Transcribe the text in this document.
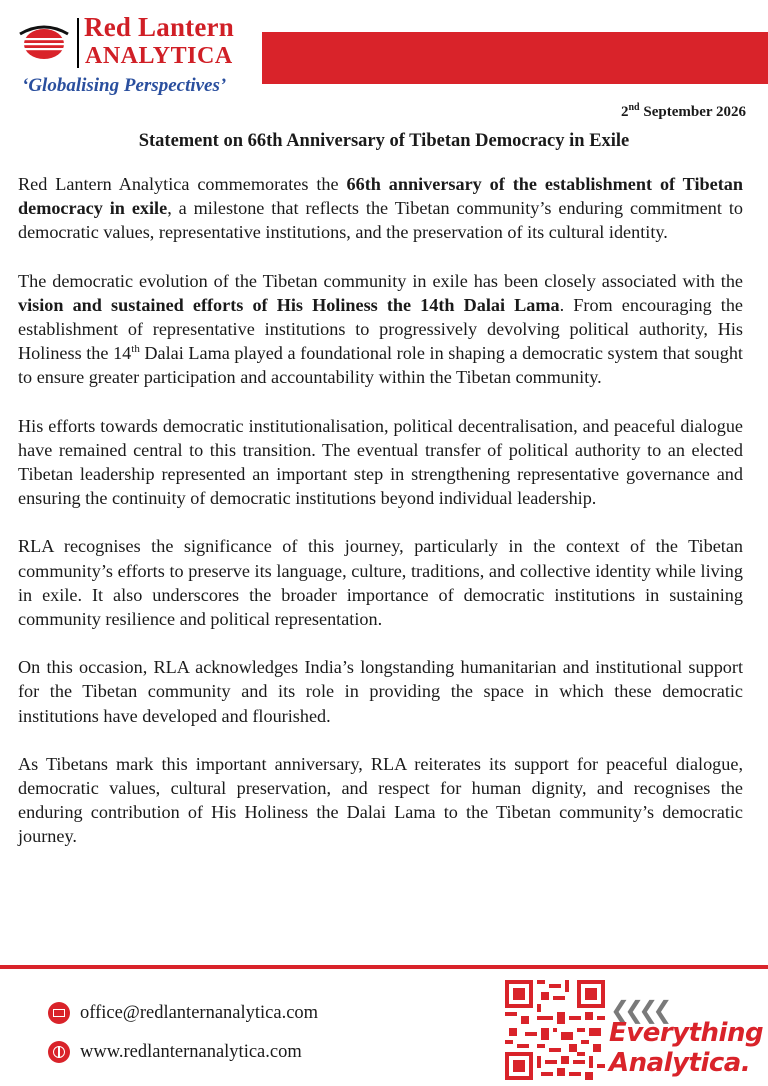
Red Lantern
ANALYTICA
‘Globalising Perspectives’
2nd September 2026
Statement on 66th Anniversary of Tibetan Democracy in Exile

Red Lantern Analytica commemorates the 66th anniversary of the establishment of Tibetan democracy in exile, a milestone that reflects the Tibetan community’s enduring commitment to democratic values, representative institutions, and the preservation of its cultural identity.

The democratic evolution of the Tibetan community in exile has been closely associated with the vision and sustained efforts of His Holiness the 14th Dalai Lama. From encouraging the establishment of representative institutions to progressively devolving political authority, His Holiness the 14th Dalai Lama played a foundational role in shaping a democratic system that sought to ensure greater participation and accountability within the Tibetan community.

His efforts towards democratic institutionalisation, political decentralisation, and peaceful dialogue have remained central to this transition. The eventual transfer of political authority to an elected Tibetan leadership represented an important step in strengthening representative governance and ensuring the continuity of democratic institutions beyond individual leadership.

RLA recognises the significance of this journey, particularly in the context of the Tibetan community’s efforts to preserve its language, culture, traditions, and collective identity while living in exile. It also underscores the broader importance of democratic institutions in sustaining community resilience and political representation.

On this occasion, RLA acknowledges India’s longstanding humanitarian and institutional support for the Tibetan community and its role in providing the space in which these democratic institutions have developed and flourished.

As Tibetans mark this important anniversary, RLA reiterates its support for peaceful dialogue, democratic values, cultural preservation, and respect for human dignity, and recognises the enduring contribution of His Holiness the Dalai Lama to the Tibetan community’s democratic journey.

office@redlanternanalytica.com
www.redlanternanalytica.com
❮❮❮❮
Everything
Analytica.
